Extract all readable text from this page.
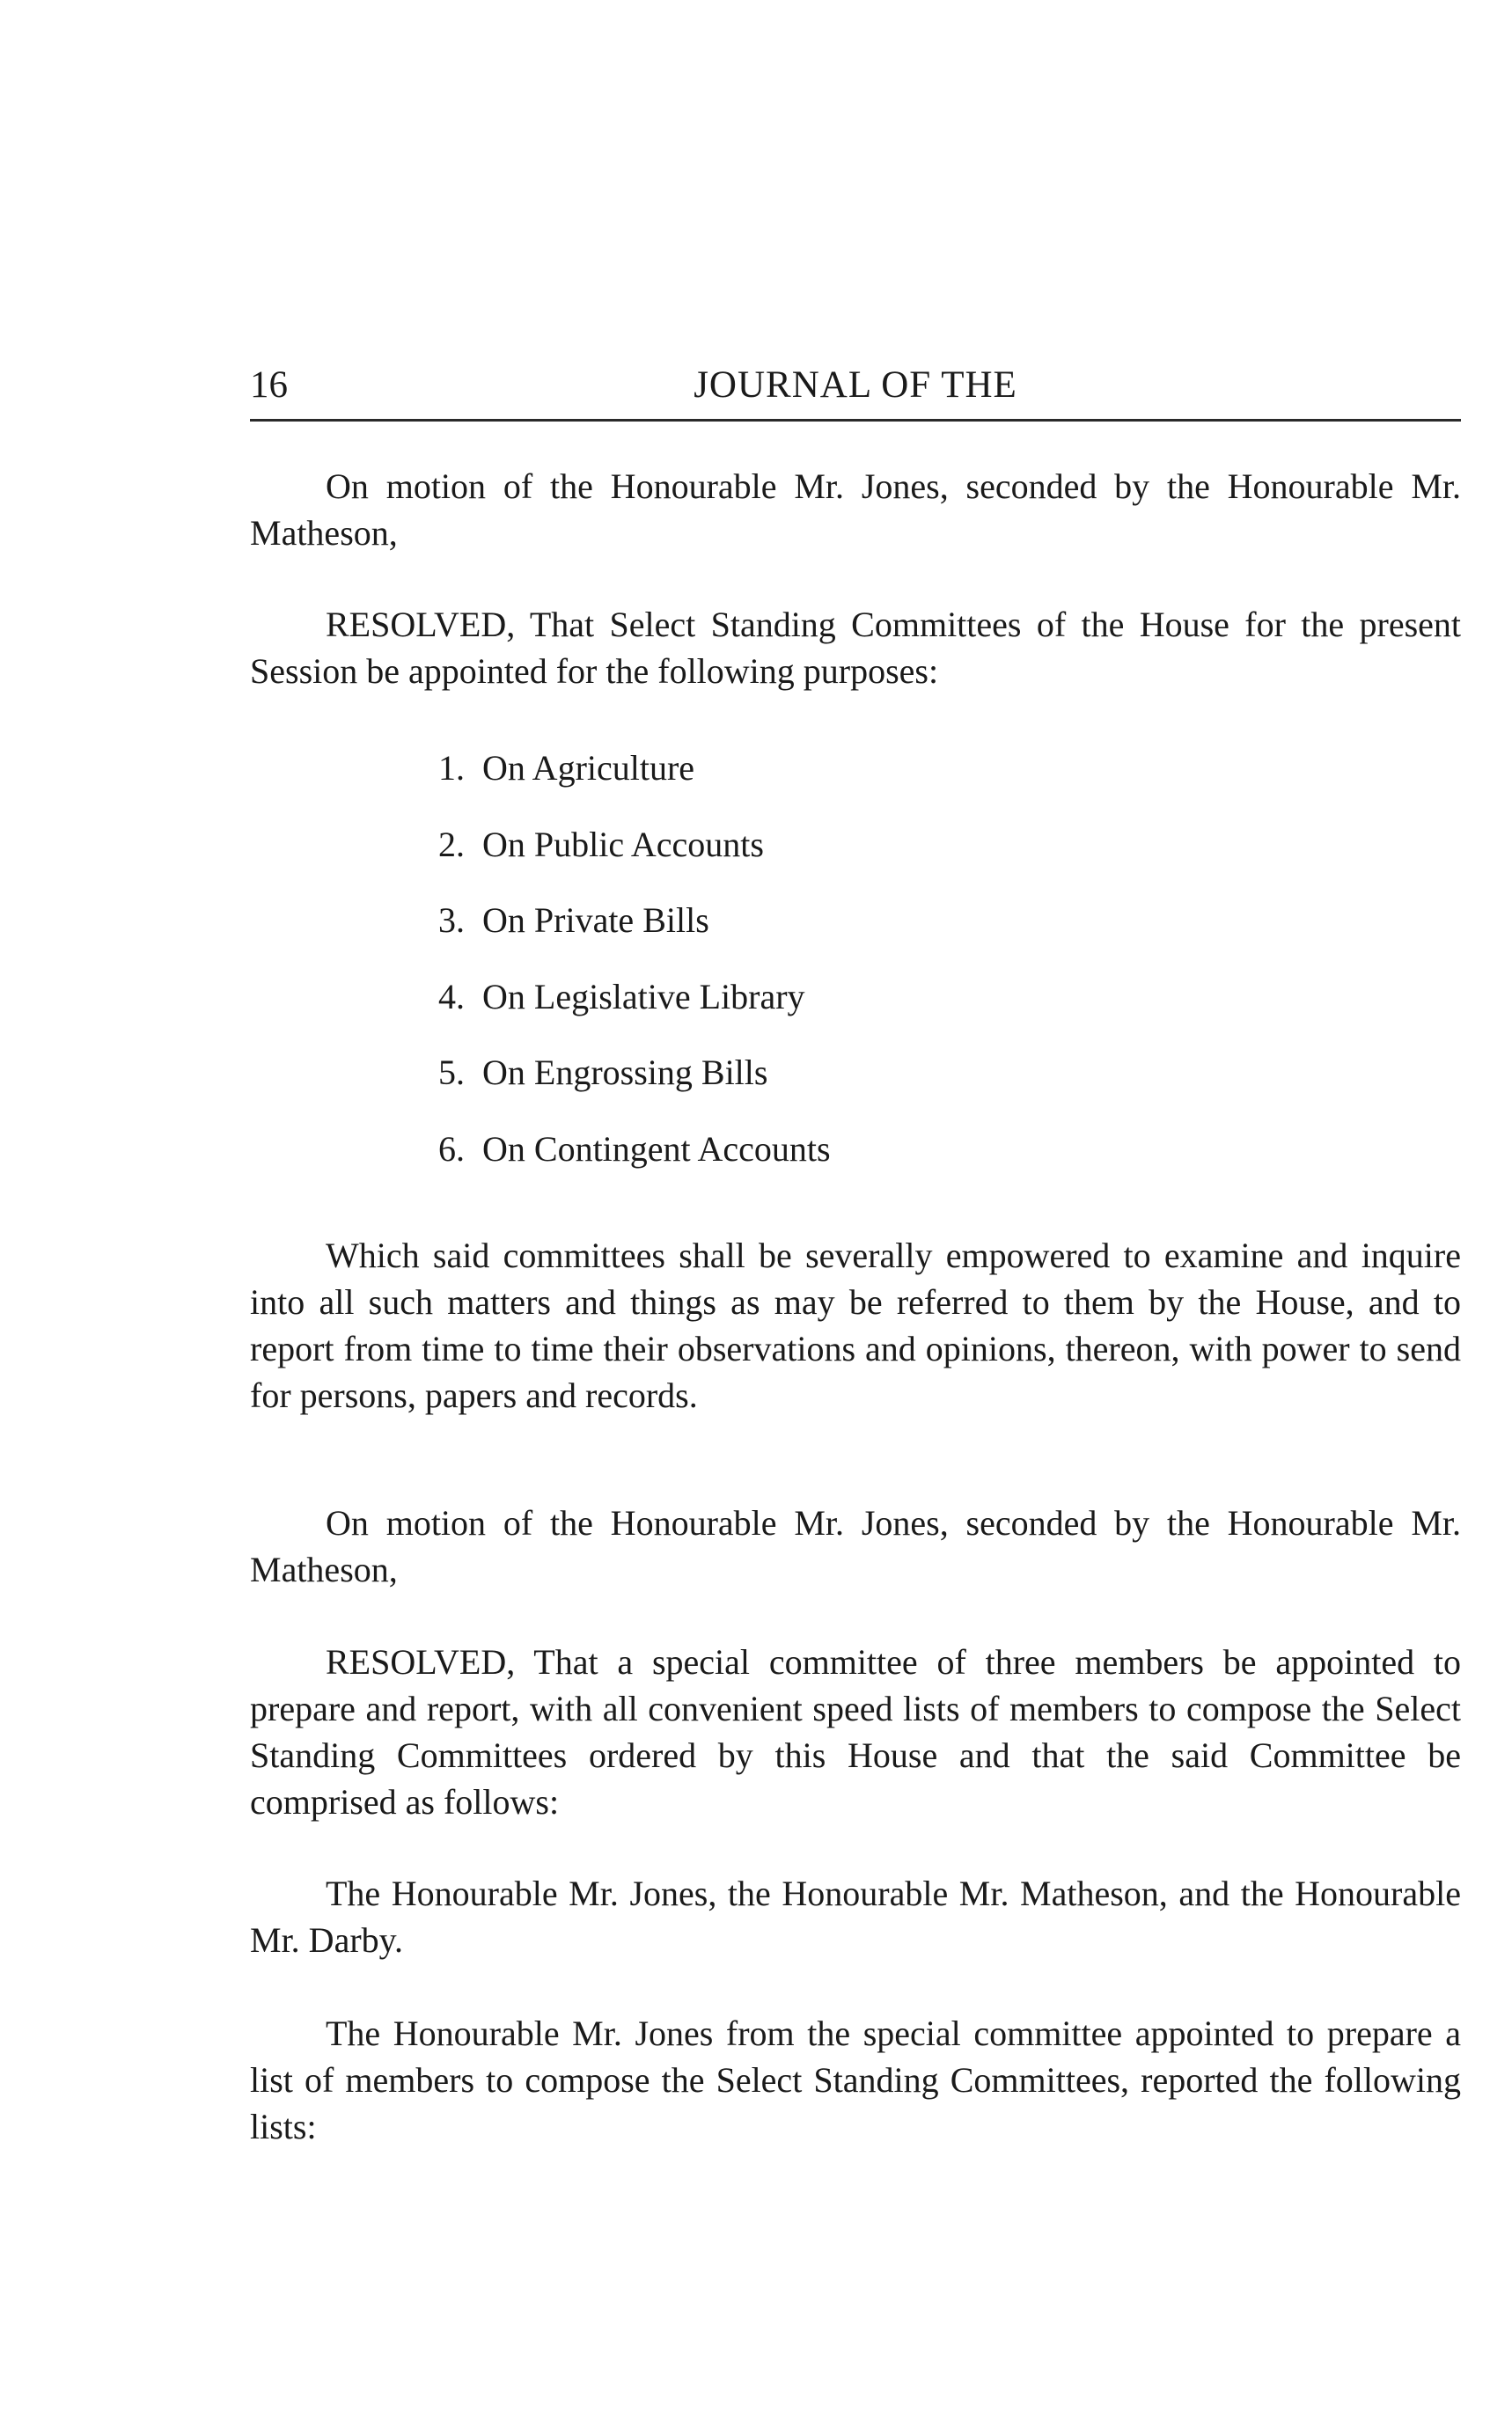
16	JOURNAL OF THE

On motion of the Honourable Mr. Jones, seconded by the Honourable Mr. Matheson,

RESOLVED, That Select Standing Committees of the House for the present Session be appointed for the following purposes:

1. On Agriculture
2. On Public Accounts
3. On Private Bills
4. On Legislative Library
5. On Engrossing Bills
6. On Contingent Accounts

Which said committees shall be severally empowered to examine and inquire into all such matters and things as may be referred to them by the House, and to report from time to time their observations and opinions, thereon, with power to send for persons, papers and records.

On motion of the Honourable Mr. Jones, seconded by the Honourable Mr. Matheson,

RESOLVED, That a special committee of three members be appointed to prepare and report, with all convenient speed lists of members to compose the Select Standing Committees ordered by this House and that the said Committee be comprised as follows:

The Honourable Mr. Jones, the Honourable Mr. Matheson, and the Honourable Mr. Darby.

The Honourable Mr. Jones from the special committee appointed to prepare a list of members to compose the Select Standing Committees, reported the following lists:
